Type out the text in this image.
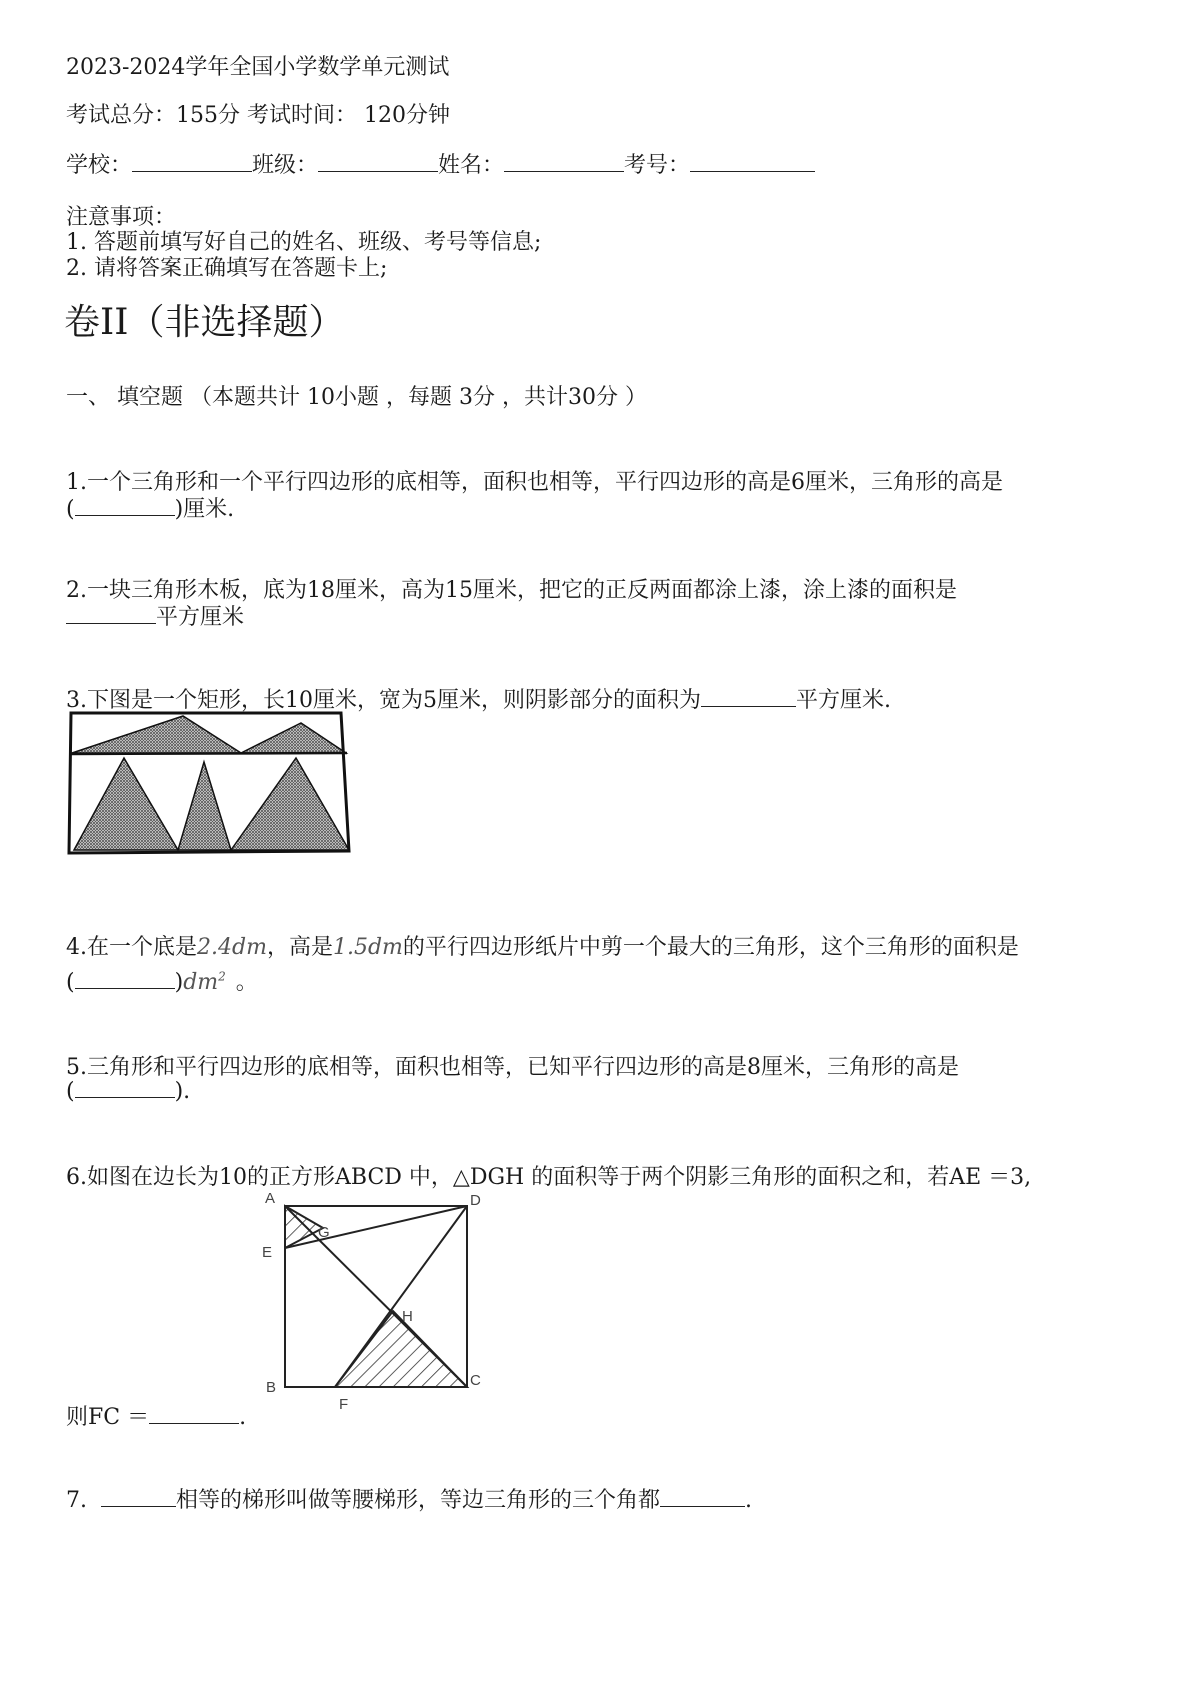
2023-2024学年全国小学数学单元测试
考试总分：155分 考试时间： 120分钟
学校：	班级：	姓名：	考号：
注意事项：
1. 答题前填写好自己的姓名、班级、考号等信息;
2. 请将答案正确填写在答题卡上;
卷II（非选择题）
一、 填空题 （本题共计 10小题 ，每题 3分 ，共计30分 ）
1.一个三角形和一个平行四边形的底相等，面积也相等，平行四边形的高是6厘米，三角形的高是
(	)厘米.
2.一块三角形木板，底为18厘米，高为15厘米，把它的正反两面都涂上漆，涂上漆的面积是
平方厘米
3.下图是一个矩形，长10厘米，宽为5厘米，则阴影部分的面积为	平方厘米.
4.在一个底是2.4dm，高是1.5dm的平行四边形纸片中剪一个最大的三角形，这个三角形的面积是
(	)$dm^2$ 。
5.三角形和平行四边形的底相等，面积也相等，已知平行四边形的高是8厘米，三角形的高是
(	).
6.如图在边长为10的正方形ABCD 中，△DGH 的面积等于两个阴影三角形的面积之和，若AE ＝3,
A	D
E
G
H
B	C
F
则FC ＝	.
7.	相等的梯形叫做等腰梯形，等边三角形的三个角都	.
